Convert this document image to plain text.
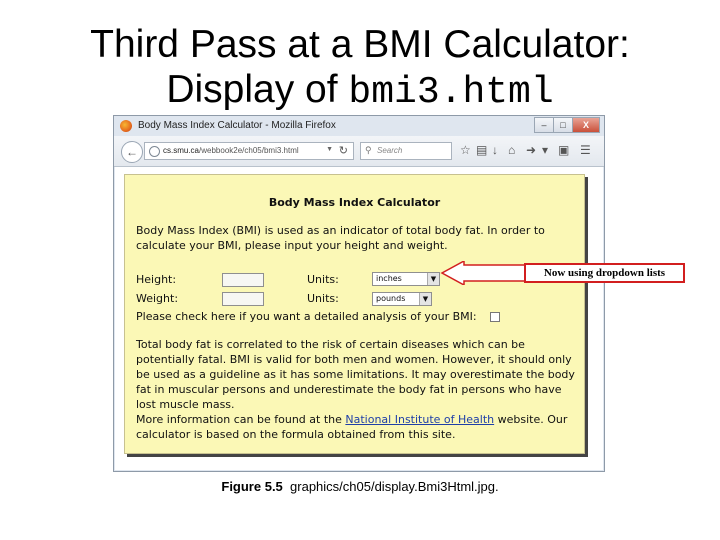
Third Pass at a BMI Calculator:
Display of bmi3.html
Body Mass Index Calculator - Mozilla Firefox	–	□	X
←	cs.smu.ca/webbook2e/ch05/bmi3.html	▼ ↻ ⚲ Search	☆ ▤ ↓ ⌂ ➜ ▾ ▣ ☰
Body Mass Index Calculator
Body Mass Index (BMI) is used as an indicator of total body fat. In order to calculate your BMI, please input your height and weight.
Height:	Units:	inches	▼
Weight:	Units:	pounds	▼
Please check here if you want a detailed analysis of your BMI:
Total body fat is correlated to the risk of certain diseases which can be potentially fatal. BMI is valid for both men and women. However, it should only be used as a guideline as it has some limitations. It may overestimate the body fat in muscular persons and underestimate the body fat in persons who have lost muscle mass.
More information can be found at the National Institute of Health website. Our calculator is based on the formula obtained from this site.
Now using dropdown lists
Figure 5.5 graphics/ch05/display.Bmi3Html.jpg.
